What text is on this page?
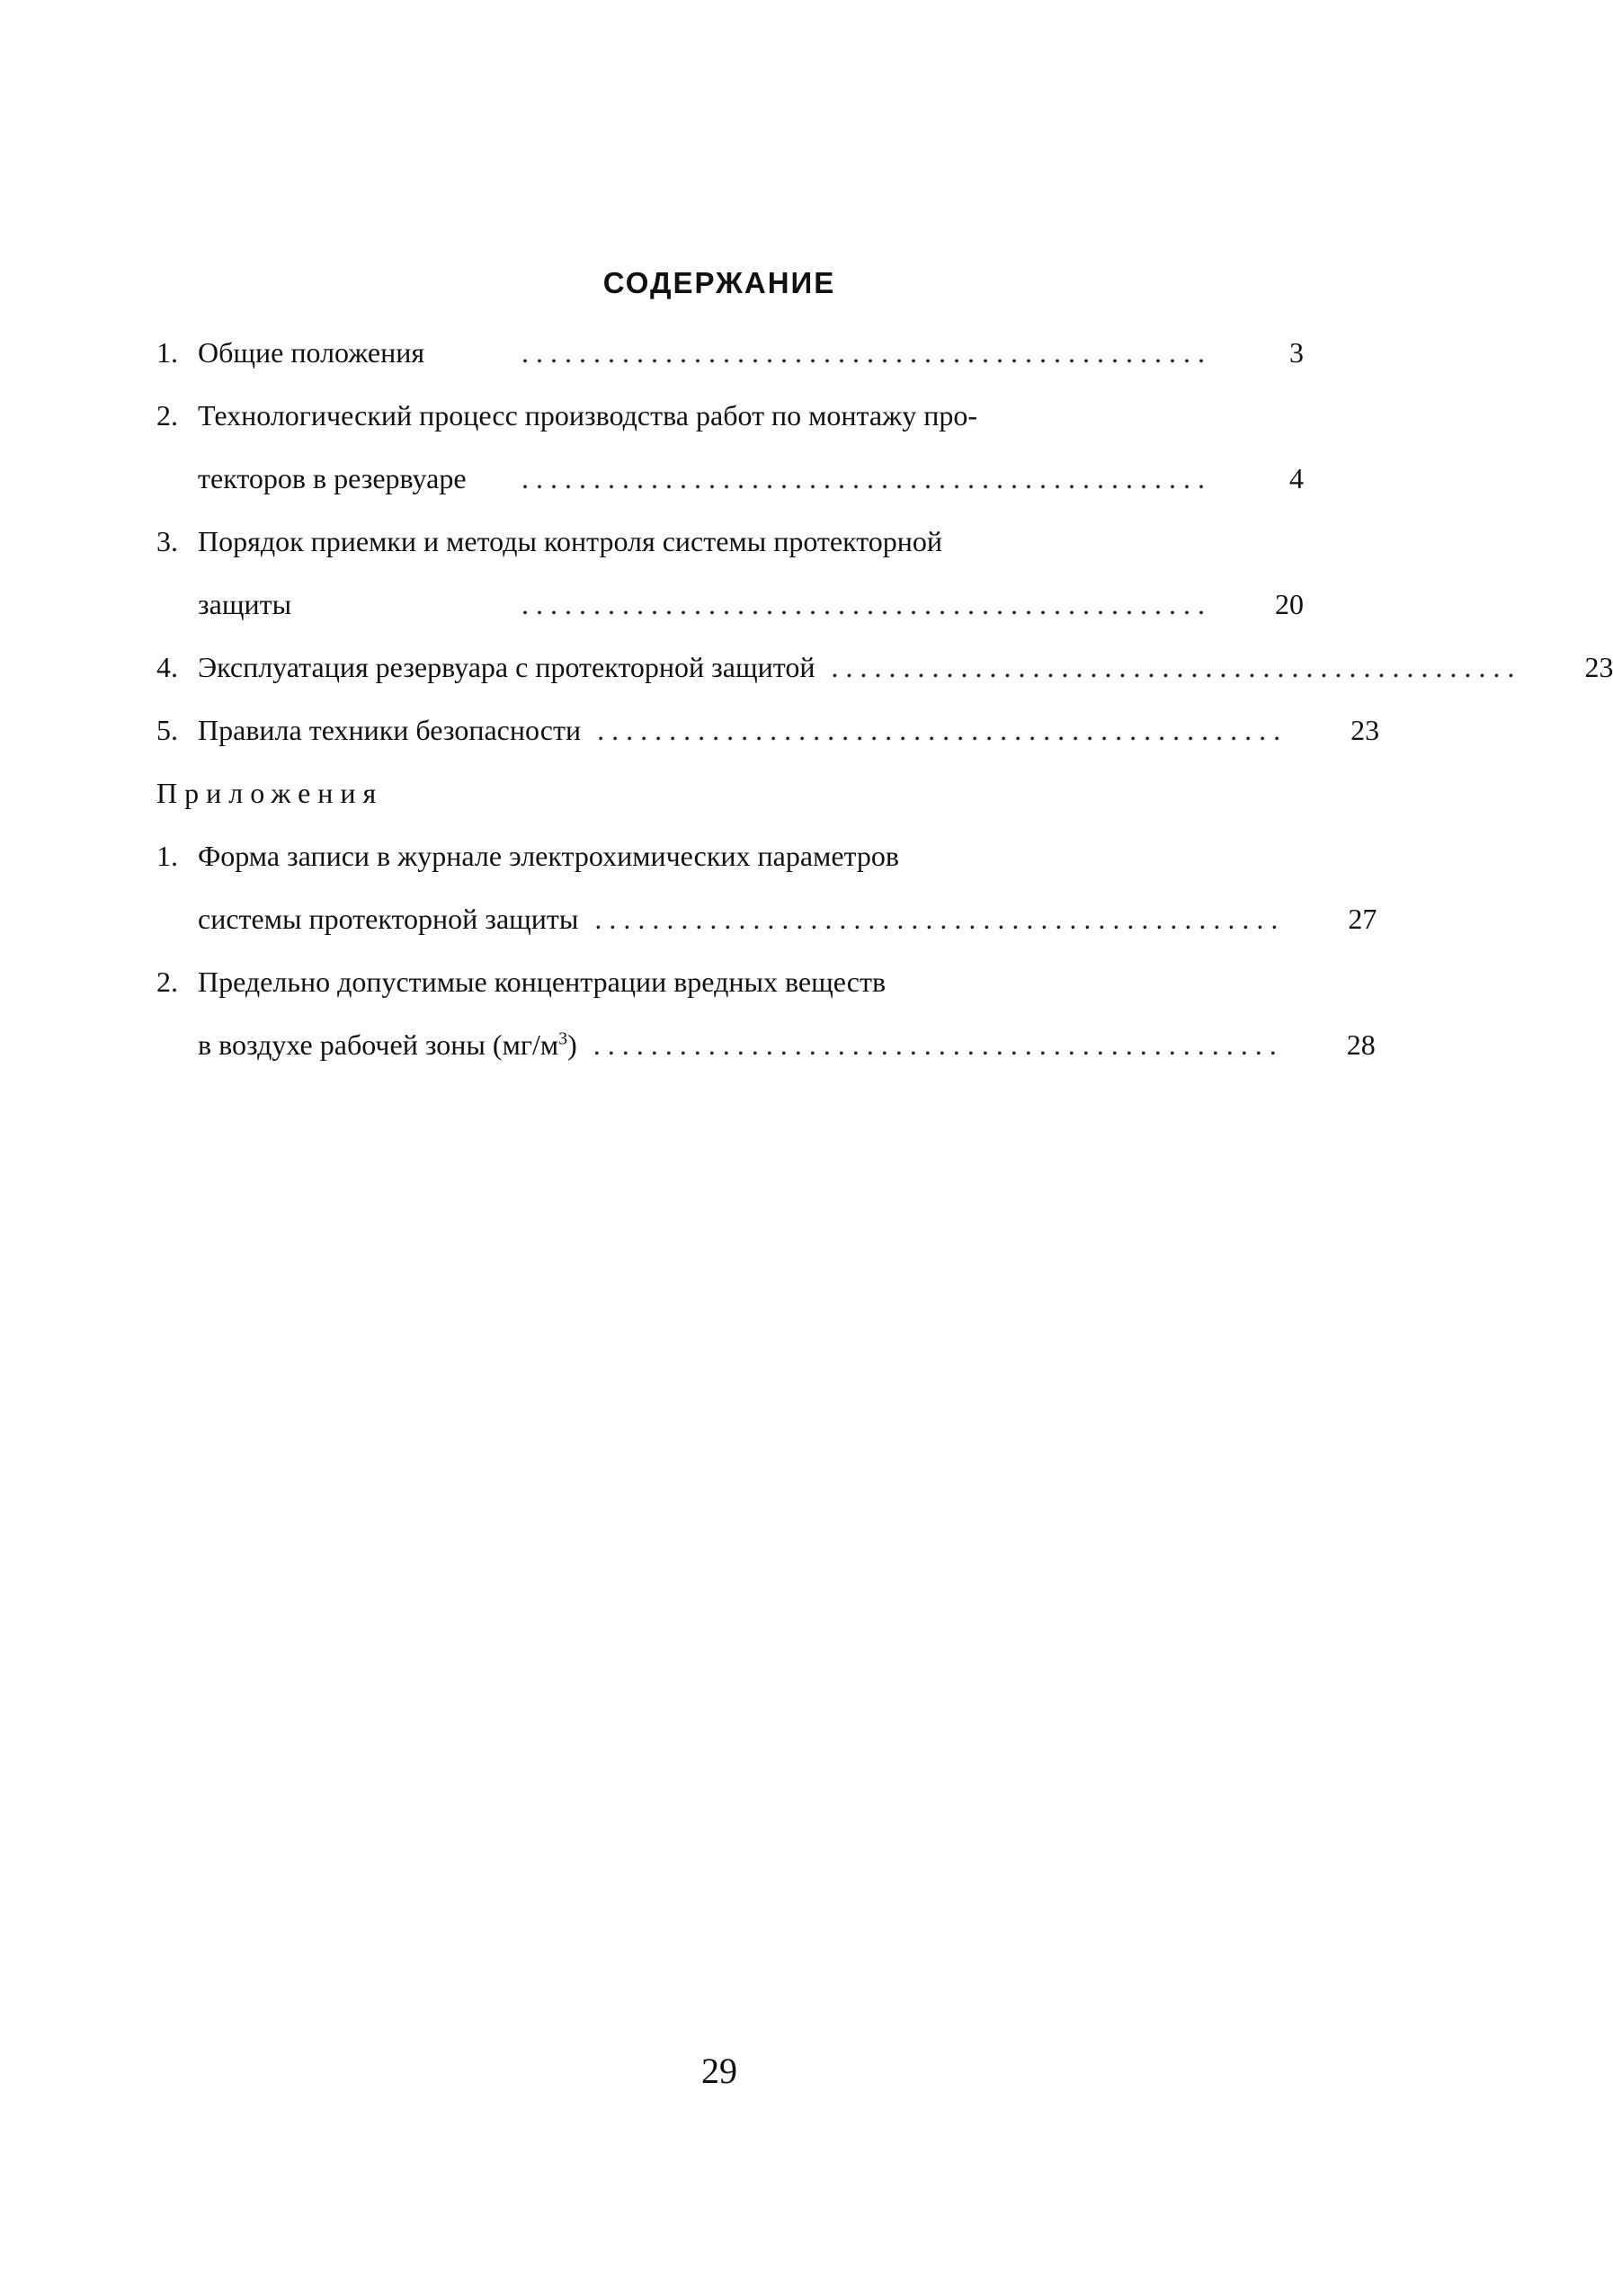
СОДЕРЖАНИЕ
1. Общие положения	. . . . . . . . . . . . . . . . . . . . . . . . . . . . . . . . . . . . . . . . . . . . . . . .	3
2. Технологический процесс производства работ по монтажу про-
текторов в резервуаре	. . . . . . . . . . . . . . . . . . . . . . . . . . . . . . . . . . . . . . . . . . . . . . . .	4
3. Порядок приемки и методы контроля системы протекторной
защиты	. . . . . . . . . . . . . . . . . . . . . . . . . . . . . . . . . . . . . . . . . . . . . . . .	20
4. Эксплуатация резервуара с протекторной защитой . . . . . . . . . . . . . . . . . . . . . . . . . . . . . . . . . . . . . . . . . . . . . . . .	23
5. Правила техники безопасности . . . . . . . . . . . . . . . . . . . . . . . . . . . . . . . . . . . . . . . . . . . . . . . .	23
Приложения
1. Форма записи в журнале электрохимических параметров
системы протекторной защиты . . . . . . . . . . . . . . . . . . . . . . . . . . . . . . . . . . . . . . . . . . . . . . . .	27
2. Предельно допустимые концентрации вредных веществ
в воздухе рабочей зоны $(мг/м^3)$ . . . . . . . . . . . . . . . . . . . . . . . . . . . . . . . . . . . . . . . . . . . . . . . .	28
29
